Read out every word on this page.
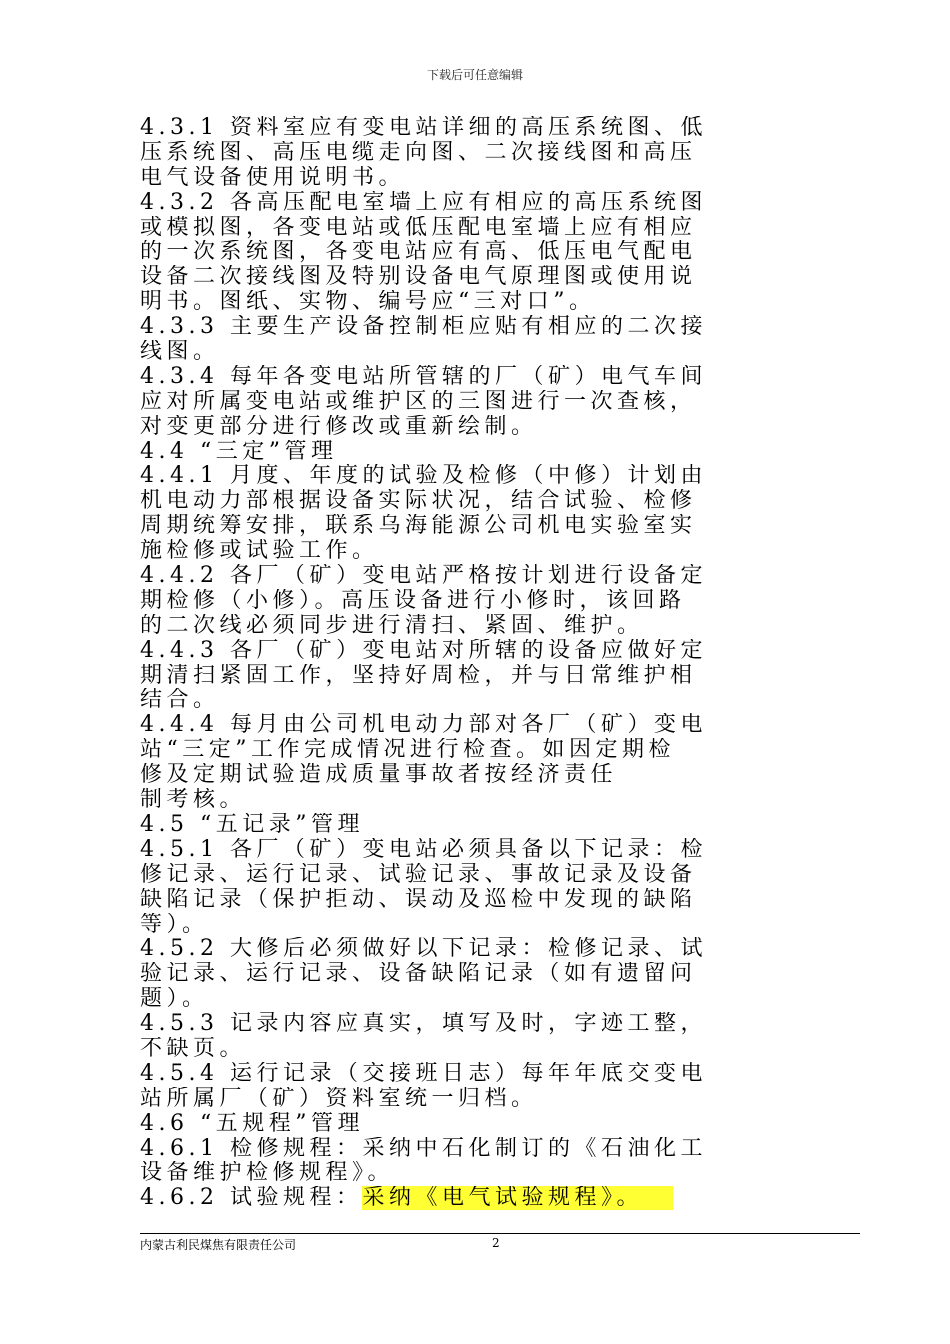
下载后可任意编辑
4.3.1 资料室应有变电站详细的高压系统图、低
压系统图、高压电缆走向图、二次接线图和高压
电气设备使用说明书。
4.3.2 各高压配电室墙上应有相应的高压系统图
或模拟图，各变电站或低压配电室墙上应有相应
的一次系统图，各变电站应有高、低压电气配电
设备二次接线图及特别设备电气原理图或使用说
明书。图纸、实物、编号应“三对口”。
4.3.3 主要生产设备控制柜应贴有相应的二次接
线图。
4.3.4 每年各变电站所管辖的厂（矿）电气车间
应对所属变电站或维护区的三图进行一次查核，
对变更部分进行修改或重新绘制。
4.4 “三定”管理
4.4.1 月度、年度的试验及检修（中修）计划由
机电动力部根据设备实际状况，结合试验、检修
周期统筹安排，联系乌海能源公司机电实验室实
施检修或试验工作。
4.4.2 各厂（矿）变电站严格按计划进行设备定
期检修（小修）。高压设备进行小修时，该回路
的二次线必须同步进行清扫、紧固、维护。
4.4.3 各厂（矿）变电站对所辖的设备应做好定
期清扫紧固工作，坚持好周检，并与日常维护相
结合。
4.4.4 每月由公司机电动力部对各厂（矿）变电
站“三定”工作完成情况进行检查。如因定期检
修及定期试验造成质量事故者按经济责任
制考核。
4.5 “五记录”管理
4.5.1 各厂（矿）变电站必须具备以下记录：检
修记录、运行记录、试验记录、事故记录及设备
缺陷记录（保护拒动、误动及巡检中发现的缺陷
等）。
4.5.2 大修后必须做好以下记录：检修记录、试
验记录、运行记录、设备缺陷记录（如有遗留问
题）。
4.5.3 记录内容应真实，填写及时，字迹工整，
不缺页。
4.5.4 运行记录（交接班日志）每年年底交变电
站所属厂（矿）资料室统一归档。
4.6 “五规程”管理
4.6.1 检修规程：采纳中石化制订的《石油化工
设备维护检修规程》。
4.6.2 试验规程：采纳《电气试验规程》。
内蒙古利民煤焦有限责任公司	2
